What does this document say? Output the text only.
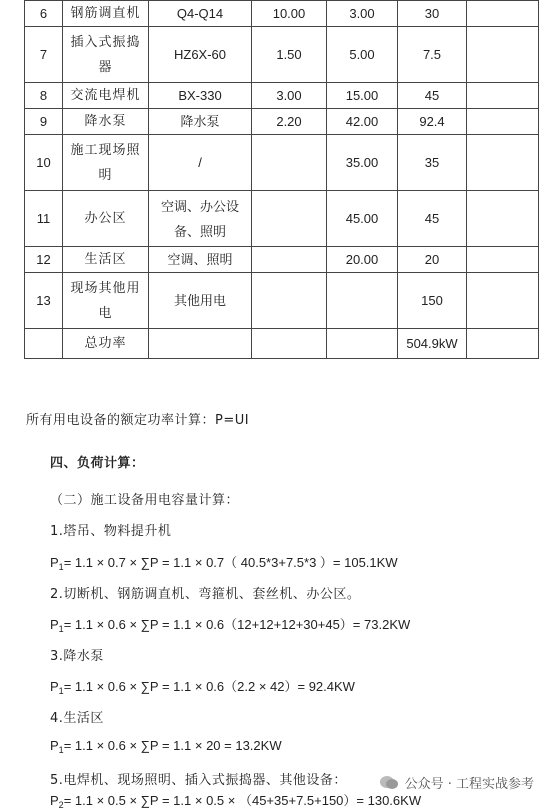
6	钢筋调直机	Q4-Q14	10.00	3.00	30	
7	插入式振捣器	HZ6X-60	1.50	5.00	7.5	
8	交流电焊机	BX-330	3.00	15.00	45	
9	降水泵	降水泵	2.20	42.00	92.4	
10	施工现场照明	/		35.00	35	
11	办公区	空调、办公设备、照明		45.00	45	
12	生活区	空调、照明		20.00	20	
13	现场其他用电	其他用电			150	
	总功率				504.9kW	
所有用电设备的额定功率计算：P=UI
四、负荷计算：
（二）施工设备用电容量计算：
1.塔吊、物料提升机
$P_1= 1.1 \times 0.7 \times \sum P = 1.1 \times 0.7$（ 40.5*3+7.5*3 ）= 105.1KW
2.切断机、钢筋调直机、弯箍机、套丝机、办公区。
$P_1= 1.1 \times 0.6 \times \sum P = 1.1 \times 0.6(12+12+12+30+45)= 73.2KW$
3.降水泵
$P_1= 1.1 \times 0.6 \times \sum P = 1.1 \times 0.6(2.2 \times 42)= 92.4KW$
4.生活区
$P_1= 1.1 \times 0.6 \times \sum P = 1.1 \times 20 = 13.2KW$
5.电焊机、现场照明、插入式振捣器、其他设备：
$P_2= 1.1 \times 0.5 \times \sum P = 1.1 \times 0.5 \times (45+35+7.5+150)= 130.6KW$
公众号 · 工程实战参考
